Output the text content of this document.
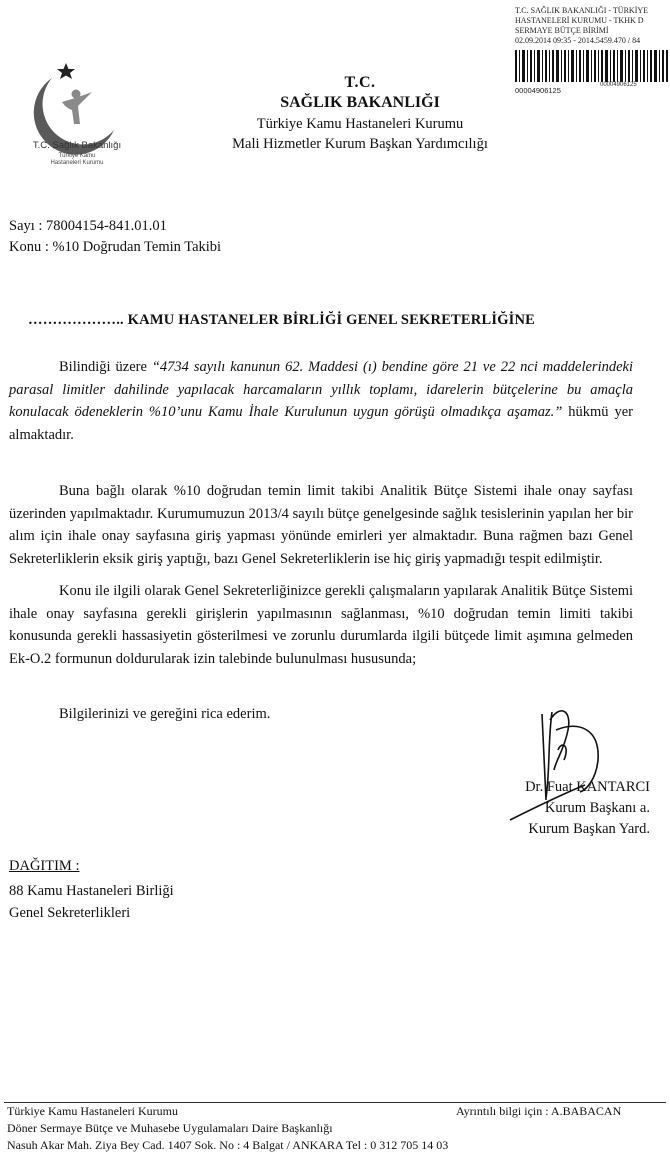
T.C. SAĞLIK BAKANLIĞI - TÜRKİYE
HASTANELERİ KURUMU - TKHK D
SERMAYE BÜTÇE BİRİMİ
02.09.2014 09:35 - 2014.5459.470 / 84
00004906125
00004906125
T.C. Sağlık Bakanlığı
Türkiye Kamu
Hastaneleri Kurumu
T.C.
SAĞLIK BAKANLIĞI
Türkiye Kamu Hastaneleri Kurumu
Mali Hizmetler Kurum Başkan Yardımcılığı
Sayı : 78004154-841.01.01
Konu : %10 Doğrudan Temin Takibi
……………….. KAMU HASTANELER BİRLİĞİ GENEL SEKRETERLİĞİNE

Bilindiği üzere “4734 sayılı kanunun 62. Maddesi (ı) bendine göre 21 ve 22 nci maddelerindeki parasal limitler dahilinde yapılacak harcamaların yıllık toplamı, idarelerin bütçelerine bu amaçla konulacak ödeneklerin %10’unu Kamu İhale Kurulunun uygun görüşü olmadıkça aşamaz.” hükmü yer almaktadır.

Buna bağlı olarak %10 doğrudan temin limit takibi Analitik Bütçe Sistemi ihale onay sayfası üzerinden yapılmaktadır. Kurumumuzun 2013/4 sayılı bütçe genelgesinde sağlık tesislerinin yapılan her bir alım için ihale onay sayfasına giriş yapması yönünde emirleri yer almaktadır. Buna rağmen bazı Genel Sekreterliklerin eksik giriş yaptığı, bazı Genel Sekreterliklerin ise hiç giriş yapmadığı tespit edilmiştir.

Konu ile ilgili olarak Genel Sekreterliğinizce gerekli çalışmaların yapılarak Analitik Bütçe Sistemi ihale onay sayfasına gerekli girişlerin yapılmasının sağlanması, %10 doğrudan temin limiti takibi konusunda gerekli hassasiyetin gösterilmesi ve zorunlu durumlarda ilgili bütçede limit aşımına gelmeden Ek-O.2 formunun doldurularak izin talebinde bulunulması hususunda;

Bilgilerinizi ve gereğini rica ederim.
Dr. Fuat KANTARCI
Kurum Başkanı a.
Kurum Başkan Yard.
DAĞITIM :
88 Kamu Hastaneleri Birliği
Genel Sekreterlikleri
Türkiye Kamu Hastaneleri Kurumu	Ayrıntılı bilgi için : A.BABACAN
Döner Sermaye Bütçe ve Muhasebe Uygulamaları Daire Başkanlığı
Nasuh Akar Mah. Ziya Bey Cad. 1407 Sok. No : 4 Balgat / ANKARA Tel : 0 312 705 14 03
